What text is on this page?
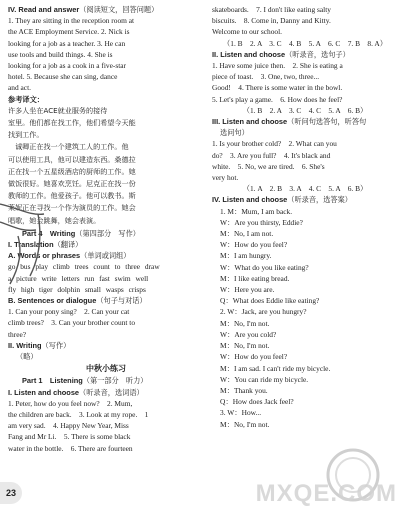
IV. Read and answer（阅读短文，回答问题）
1. They are sitting in the reception room at
the ACE Employment Service. 2. Nick is
looking for a job as a teacher. 3. He can
use tools and build things. 4. She is
looking for a job as a cook in a five-star
hotel. 5. Because she can sing, dance
and act.
参考译文：
许多人坐在ACE就业服务的接待
室里。他们都在找工作，他们希望今天能
找到工作。
　诚卿正在找一个建筑工人的工作。他
可以使用工具，他可以建造东西。桑德拉
正在找一个五星级酒店的厨师的工作。她
做饭很好。她喜欢烹饪。尼克正在找一份
教师的工作。他爱孩子。他可以教书。斯
莱妮正在寻找一个作为演员的工作。她会
唱歌，她会跳舞，她会表演。
Part 4　Writing（第四部分　写作）
I. Translation（翻译）
A. Words or phrases（单词或词组）
go bus play climb trees count to three draw
a picture write letters run fast swim well
fly high tiger dolphin small wasps crisps
B. Sentences or dialogue（句子与对话）
1. Can your pony sing?　2. Can your cat
climb trees?　3. Can your brother count to
three?
II. Writing（写作）
（略）
中秋小练习
Part 1　Listening（第一部分　听力）
I. Listen and choose（听录音，选词语）
1. Peter, how do you feel now?　2. Mum,
the children are back.　3. Look at my rope.　1
am very sad.　4. Happy New Year, Miss
Fang and Mr Li.　5. There is some black
water in the bottle.　6. There are fourteen
skateboards.　7. I don't like eating salty
biscuits.　8. Come in, Danny and Kitty.
Welcome to our school.
（1. B　2. A　3. C　4. B　5. A　6. C　7. B　8. A）
II. Listen and choose（听录音，选句子）
1. Have some juice then.　2. She is eating a
piece of toast.　3. One, two, three...
Good!　4. There is some water in the bowl.
5. Let's play a game.　6. How does he feel?
（1. B　2. A　3. C　4. C　5. A　6. B）
III. Listen and choose（听问句选答句，听答句
选问句）
1. Is your brother cold?　2. What can you
do?　3. Are you full?　4. It's black and
white.　5. No, we are tired.　6. She's
very hot.
（1. A　2. B　3. A　4. C　5. A　6. B）
IV. Listen and choose（听录音，选答案）
1. M：Mum, I am back.
W：Are you thirsty, Eddie?
M：No, I am not.
W：How do you feel?
M：I am hungry.
W：What do you like eating?
M：I like eating bread.
W：Here you are.
Q：What does Eddie like eating?
2. W：Jack, are you hungry?
M：No, I'm not.
W：Are you cold?
M：No, I'm not.
W：How do you feel?
M：I am sad. I can't ride my bicycle.
W：You can ride my bicycle.
M：Thank you.
Q：How does Jack feel?
3. W：How...
M：No, I'm not.
23	MXQE.COM
